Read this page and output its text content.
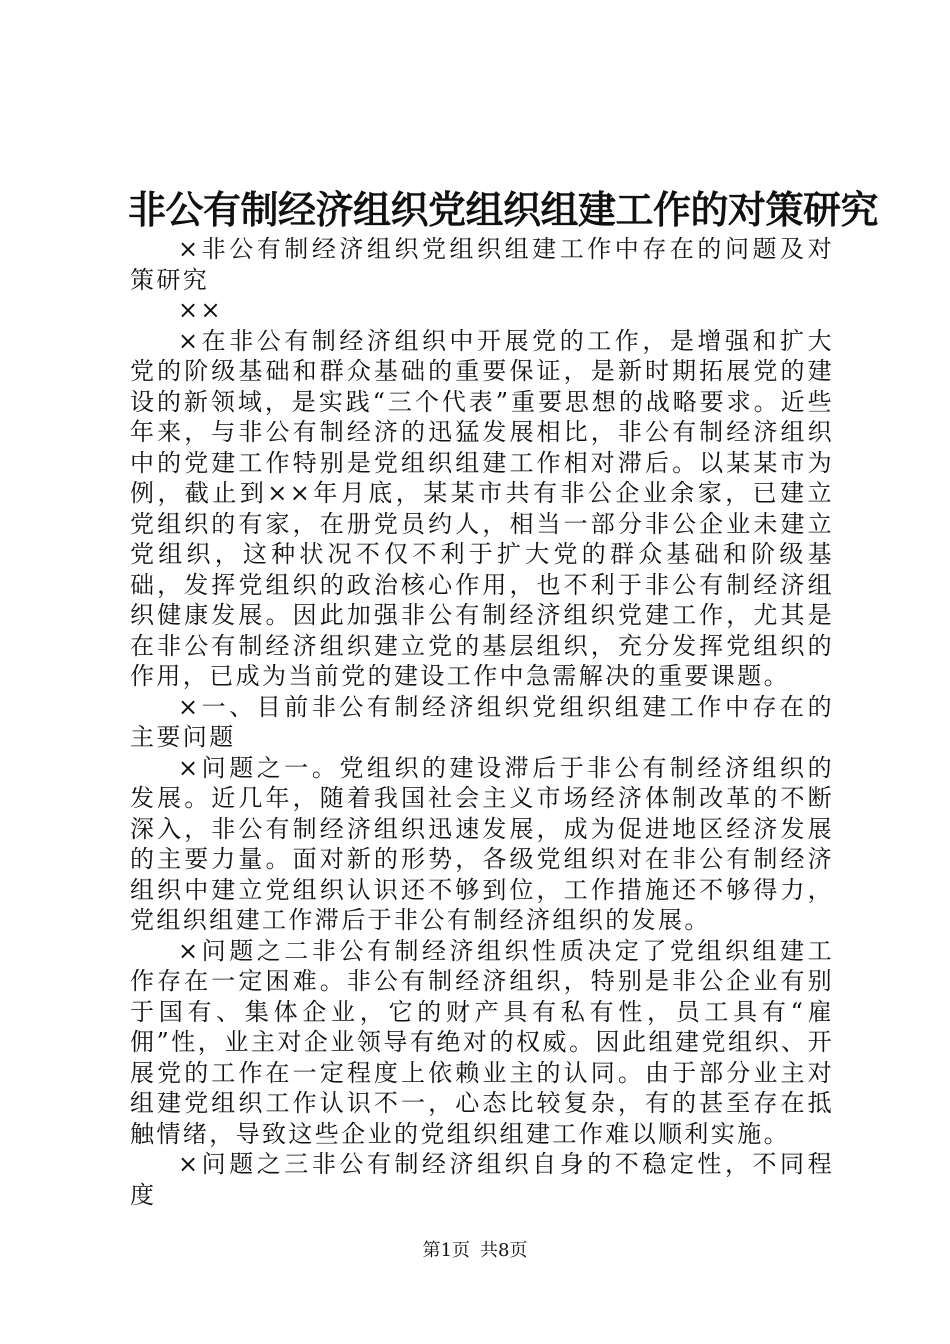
非公有制经济组织党组织组建工作的对策研究

×非公有制经济组织党组织组建工作中存在的问题及对策研究

××

×在非公有制经济组织中开展党的工作，是增强和扩大党的阶级基础和群众基础的重要保证，是新时期拓展党的建设的新领域，是实践“三个代表”重要思想的战略要求。近些年来，与非公有制经济的迅猛发展相比，非公有制经济组织中的党建工作特别是党组织组建工作相对滞后。以某某市为例，截止到××年月底，某某市共有非公企业余家，已建立党组织的有家，在册党员约人，相当一部分非公企业未建立党组织，这种状况不仅不利于扩大党的群众基础和阶级基础，发挥党组织的政治核心作用，也不利于非公有制经济组织健康发展。因此加强非公有制经济组织党建工作，尤其是在非公有制经济组织建立党的基层组织，充分发挥党组织的作用，已成为当前党的建设工作中急需解决的重要课题。

×一、目前非公有制经济组织党组织组建工作中存在的主要问题

×问题之一。党组织的建设滞后于非公有制经济组织的发展。近几年，随着我国社会主义市场经济体制改革的不断深入，非公有制经济组织迅速发展，成为促进地区经济发展的主要力量。面对新的形势，各级党组织对在非公有制经济组织中建立党组织认识还不够到位，工作措施还不够得力，党组织组建工作滞后于非公有制经济组织的发展。

×问题之二非公有制经济组织性质决定了党组织组建工作存在一定困难。非公有制经济组织，特别是非公企业有别于国有、集体企业，它的财产具有私有性，员工具有“雇佣”性，业主对企业领导有绝对的权威。因此组建党组织、开展党的工作在一定程度上依赖业主的认同。由于部分业主对组建党组织工作认识不一，心态比较复杂，有的甚至存在抵触情绪，导致这些企业的党组织组建工作难以顺利实施。

×问题之三非公有制经济组织自身的不稳定性，不同程度

第1页 共8页
